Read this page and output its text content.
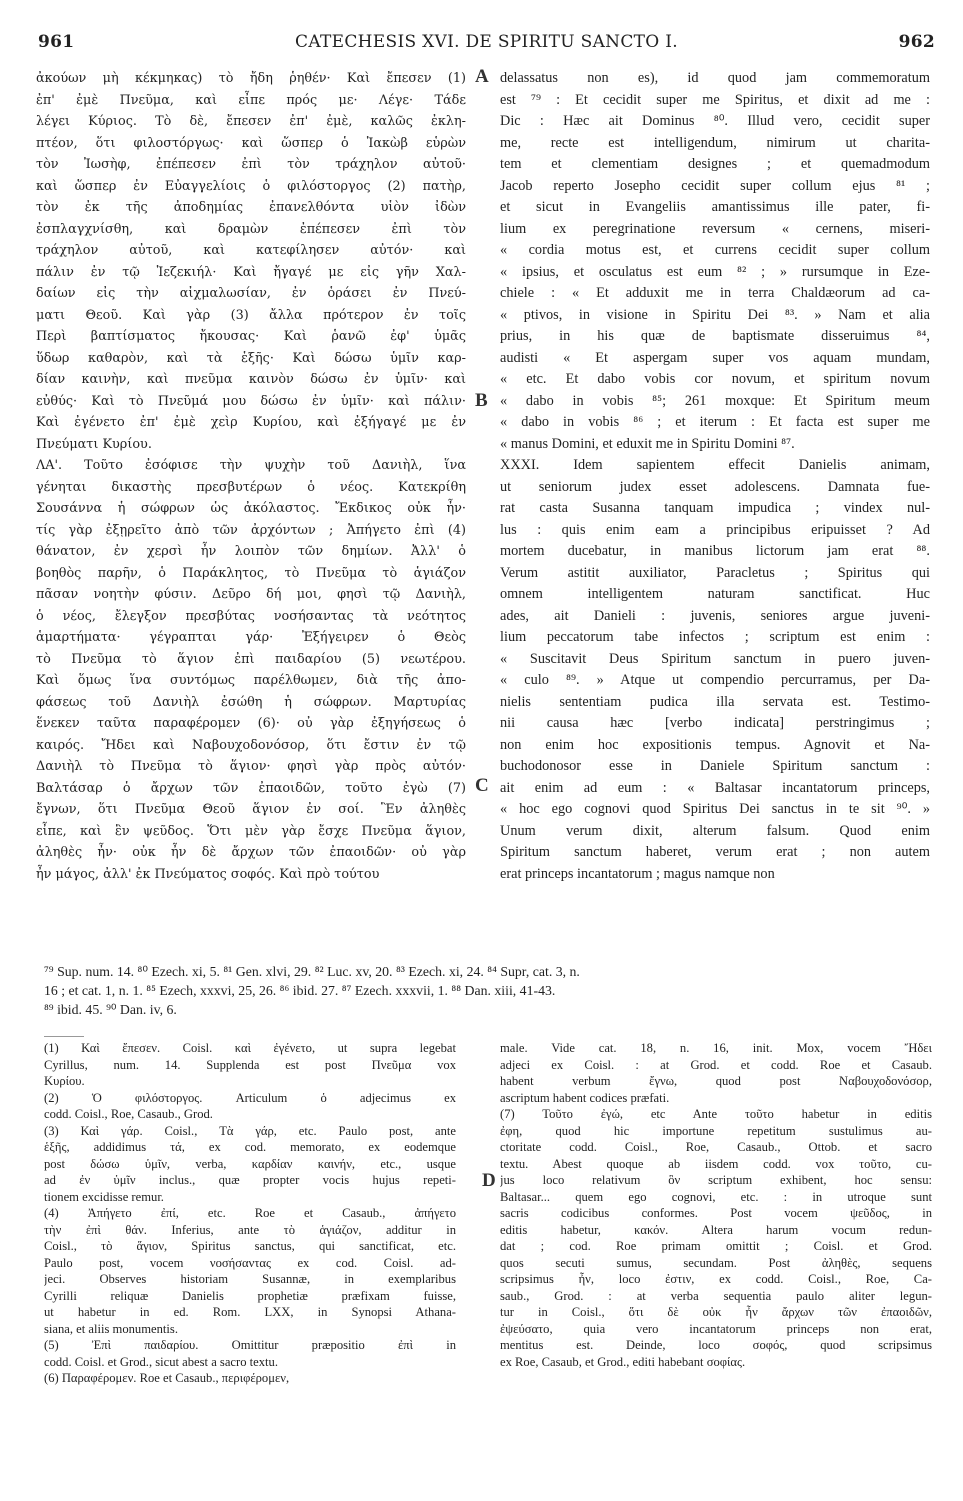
961	CATECHESIS XVI. DE SPIRITU SANCTO I.	962
ἀκούων μὴ κέκμηκας) τὸ ἤδη ῥηθέν· Καὶ ἔπεσεν (1)
ἐπ' ἐμὲ Πνεῦμα, καὶ εἶπε πρός με· Λέγε· Τάδε
λέγει Κύριος. Τὸ δὲ, ἔπεσεν ἐπ' ἐμὲ, καλῶς ἐκλη-
πτέον, ὅτι φιλοστόργως· καὶ ὥσπερ ὁ Ἰακὼβ εὑρὼν
τὸν Ἰωσὴφ, ἐπέπεσεν ἐπὶ τὸν τράχηλον αὐτοῦ·
καὶ ὥσπερ ἐν Εὐαγγελίοις ὁ φιλόστοργος (2) πατὴρ,
τὸν ἐκ τῆς ἀποδημίας ἐπανελθόντα υἱὸν ἰδὼν
ἐσπλαγχνίσθη, καὶ δραμὼν ἐπέπεσεν ἐπὶ τὸν
τράχηλον αὐτοῦ, καὶ κατεφίλησεν αὐτόν· καὶ
πάλιν ἐν τῷ Ἰεζεκιήλ· Καὶ ἤγαγέ με εἰς γῆν Χαλ-
δαίων εἰς τὴν αἰχμαλωσίαν, ἐν ὁράσει ἐν Πνεύ-
ματι Θεοῦ. Καὶ γὰρ (3) ἄλλα πρότερον ἐν τοῖς
Περὶ βαπτίσματος ἤκουσας· Καὶ ῥανῶ ἐφ' ὑμᾶς
ὕδωρ καθαρὸν, καὶ τὰ ἑξῆς· Καὶ δώσω ὑμῖν καρ-
δίαν καινὴν, καὶ πνεῦμα καινὸν δώσω ἐν ὑμῖν· καὶ
εὐθύς· Καὶ τὸ Πνεῦμά μου δώσω ἐν ὑμῖν· καὶ πάλιν·
Καὶ ἐγένετο ἐπ' ἐμὲ χεὶρ Κυρίου, καὶ ἐξήγαγέ με ἐν
Πνεύματι Κυρίου.
ΛΑ'. Τοῦτο ἐσόφισε τὴν ψυχὴν τοῦ Δανιὴλ, ἵνα
γένηται δικαστὴς πρεσβυτέρων ὁ νέος. Κατεκρίθη
Σουσάννα ἡ σώφρων ὡς ἀκόλαστος. Ἔκδικος οὐκ ἦν·
τίς γὰρ ἐξῃρεῖτο ἀπὸ τῶν ἀρχόντων ; Ἀπήγετο ἐπὶ (4)
θάνατον, ἐν χερσὶ ἦν λοιπὸν τῶν δημίων. Ἀλλ' ὁ
βοηθὸς παρῆν, ὁ Παράκλητος, τὸ Πνεῦμα τὸ ἁγιάζον
πᾶσαν νοητὴν φύσιν. Δεῦρο δή μοι, φησὶ τῷ Δανιὴλ,
ὁ νέος, ἔλεγξον πρεσβύτας νοσήσαντας τὰ νεότητος
ἁμαρτήματα· γέγραπται γάρ· Ἐξήγειρεν ὁ Θεὸς
τὸ Πνεῦμα τὸ ἅγιον ἐπὶ παιδαρίου (5) νεωτέρου.
Καὶ ὅμως ἵνα συντόμως παρέλθωμεν, διὰ τῆς ἀπο-
φάσεως τοῦ Δανιὴλ ἐσώθη ἡ σώφρων. Μαρτυρίας
ἕνεκεν ταῦτα παραφέρομεν (6)· οὐ γὰρ ἐξηγήσεως ὁ
καιρός. Ἤδει καὶ Ναβουχοδονόσορ, ὅτι ἔστιν ἐν τῷ
Δανιὴλ τὸ Πνεῦμα τὸ ἅγιον· φησὶ γὰρ πρὸς αὐτόν·
Βαλτάσαρ ὁ ἄρχων τῶν ἐπαοιδῶν, τοῦτο ἐγὼ (7)
ἔγνων, ὅτι Πνεῦμα Θεοῦ ἅγιον ἐν σοί. Ἓν ἀληθὲς
εἶπε, καὶ ἓν ψεῦδος. Ὅτι μὲν γὰρ ἔσχε Πνεῦμα ἅγιον,
ἀληθὲς ἦν· οὐκ ἦν δὲ ἄρχων τῶν ἐπαοιδῶν· οὐ γὰρ
ἦν μάγος, ἀλλ' ἐκ Πνεύματος σοφός. Καὶ πρὸ τούτου
delassatus non es), id quod jam commemoratum
est ⁷⁹ : Et cecidit super me Spiritus, et dixit ad me :
Dic : Hæc ait Dominus ⁸⁰. Illud vero, cecidit super
me, recte est intelligendum, nimirum ut charita-
tem et clementiam designes ; et quemadmodum
Jacob reperto Josepho cecidit super collum ejus ⁸¹ ;
et sicut in Evangeliis amantissimus ille pater, fi-
lium ex peregrinatione reversum « cernens, miseri-
« cordia motus est, et currens cecidit super collum
« ipsius, et osculatus est eum ⁸² ; » rursumque in Eze-
chiele : « Et adduxit me in terra Chaldæorum ad ca-
« ptivos, in visione in Spiritu Dei ⁸³. » Nam et alia
prius, in his quæ de baptismate disseruimus ⁸⁴,
audisti « Et aspergam super vos aquam mundam,
« etc. Et dabo vobis cor novum, et spiritum novum
« dabo in vobis ⁸⁵; 261 moxque: Et Spiritum meum
« dabo in vobis ⁸⁶ ; et iterum : Et facta est super me
« manus Domini, et eduxit me in Spiritu Domini ⁸⁷.
XXXI. Idem sapientem effecit Danielis animam,
ut seniorum judex esset adolescens. Damnata fue-
rat casta Susanna tanquam impudica ; vindex nul-
lus : quis enim eam a principibus eripuisset ? Ad
mortem ducebatur, in manibus lictorum jam erat ⁸⁸.
Verum astitit auxiliator, Paracletus ; Spiritus qui
omnem intelligentem naturam sanctificat. Huc
ades, ait Danieli : juvenis, seniores argue juveni-
lium peccatorum tabe infectos ; scriptum est enim :
« Suscitavit Deus Spiritum sanctum in puero juven-
« culo ⁸⁹. » Atque ut compendio percurramus, per Da-
nielis sententiam pudica illa servata est. Testimo-
nii causa hæc [verbo indicata] perstringimus ;
non enim hoc expositionis tempus. Agnovit et Na-
buchodonosor esse in Daniele Spiritum sanctum :
ait enim ad eum : « Baltasar incantatorum princeps,
« hoc ego cognovi quod Spiritus Dei sanctus in te sit ⁹⁰. »
Unum verum dixit, alterum falsum. Quod enim
Spiritum sanctum haberet, verum erat ; non autem
erat princeps incantatorum ; magus namque non
A
B
C
D
⁷⁹ Sup. num. 14. ⁸⁰ Ezech. xi, 5. ⁸¹ Gen. xlvi, 29. ⁸² Luc. xv, 20. ⁸³ Ezech. xi, 24. ⁸⁴ Supr, cat. 3, n.
16 ; et cat. 1, n. 1. ⁸⁵ Ezech, xxxvi, 25, 26. ⁸⁶ ibid. 27. ⁸⁷ Ezech. xxxvii, 1. ⁸⁸ Dan. xiii, 41-43.
⁸⁹ ibid. 45. ⁹⁰ Dan. iv, 6.
(1) Καὶ ἔπεσεν. Coisl. καὶ ἐγένετο, ut supra legebat
Cyrillus, num. 14. Supplenda est post Πνεῦμα vox
Κυρίου.
(2) Ὁ φιλόστοργος. Articulum ὁ adjecimus ex
codd. Coisl., Roe, Casaub., Grod.
(3) Καὶ γάρ. Coisl., Τὰ γάρ, etc. Paulo post, ante
ἑξῆς, addidimus τά, ex cod. memorato, ex eodemque
post δώσω ὑμῖν, verba, καρδίαν καινήν, etc., usque
ad ἐν ὑμῖν inclus., quæ propter vocis hujus repeti-
tionem excidisse remur.
(4) Ἀπήγετο ἐπί, etc. Roe et Casaub., ἀπήγετο
τὴν ἐπὶ θάν. Inferius, ante τὸ ἁγιάζον, additur in
Coisl., τὸ ἅγιον, Spiritus sanctus, qui sanctificat, etc.
Paulo post, vocem νοσήσαντας ex cod. Coisl. ad-
jeci. Observes historiam Susannæ, in exemplaribus
Cyrilli reliquæ Danielis prophetiæ præfixam fuisse,
ut habetur in ed. Rom. LXX, in Synopsi Athana-
siana, et aliis monumentis.
(5) Ἐπὶ παιδαρίου. Omittitur præpositio ἐπὶ in
codd. Coisl. et Grod., sicut abest a sacro textu.
(6) Παραφέρομεν. Roe et Casaub., περιφέρομεν,
male. Vide cat. 18, n. 16, init. Mox, vocem Ἤδει
adjeci ex Coisl. : at Grod. et codd. Roe et Casaub.
habent verbum ἔγνω, quod post Ναβουχοδονόσορ,
ascriptum habent codices præfati.
(7) Τοῦτο ἐγώ, etc Ante τοῦτο habetur in editis
ἐφη, quod hic importune repetitum sustulimus au-
ctoritate codd. Coisl., Roe, Casaub., Ottob. et sacro
textu. Abest quoque ab iisdem codd. vox τοῦτο, cu-
jus loco relativum ὃν scriptum exhibent, hoc sensu:
Baltasar... quem ego cognovi, etc. : in utroque sunt
sacris codicibus conformes. Post vocem ψεῦδος, in
editis habetur, κακόν. Altera harum vocum redun-
dat ; cod. Roe primam omittit ; Coisl. et Grod.
quos secuti sumus, secundam. Post ἀληθὲς, sequens
scripsimus ἦν, loco ἐστιν, ex codd. Coisl., Roe, Ca-
saub., Grod. : at verba sequentia paulo aliter legun-
tur in Coisl., ὅτι δὲ οὐκ ἦν ἄρχων τῶν ἐπαοιδῶν,
ἐψεύσατο, quia vero incantatorum princeps non erat,
mentitus est. Deinde, loco σοφός, quod scripsimus
ex Roe, Casaub, et Grod., editi habebant σοφίας.
